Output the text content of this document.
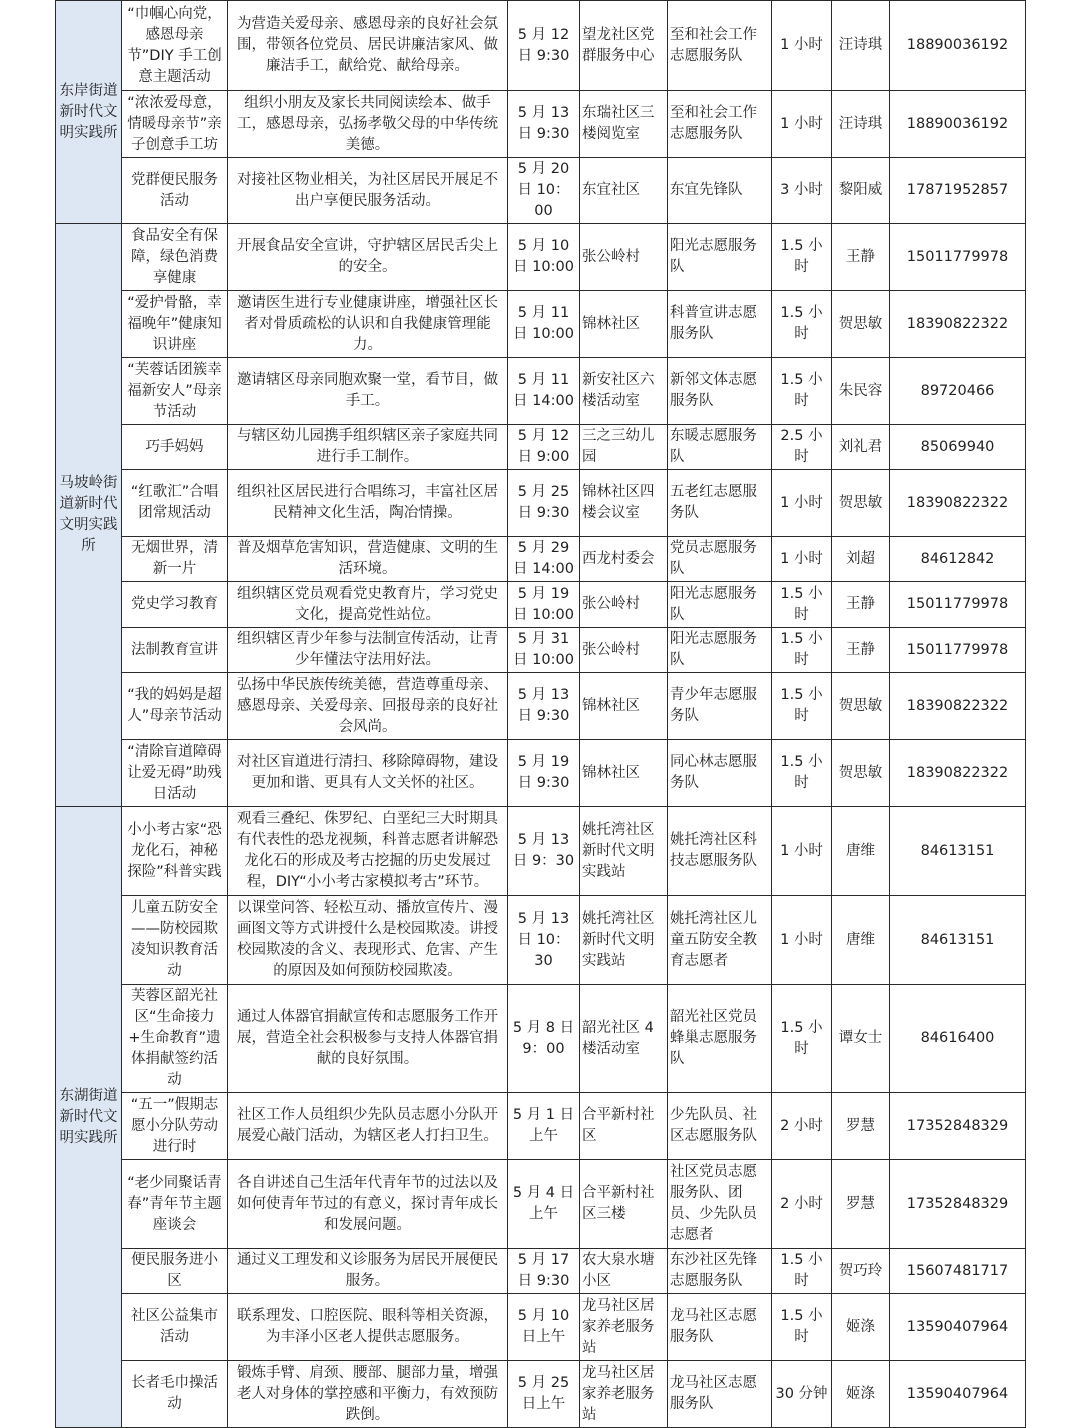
东岸街道新时代文明实践所	“巾帼心向党，感恩母亲节”DIY 手工创意主题活动	为营造关爱母亲、感恩母亲的良好社会氛围，带领各位党员、居民讲廉洁家风、做廉洁手工，献给党、献给母亲。	5 月 12 日 9:30	望龙社区党群服务中心	至和社会工作志愿服务队	1 小时	汪诗琪	18890036192
	“浓浓爱母意，情暖母亲节”亲子创意手工坊	组织小朋友及家长共同阅读绘本、做手工，感恩母亲，弘扬孝敬父母的中华传统美德。	5 月 13 日 9:30	东瑞社区三楼阅览室	至和社会工作志愿服务队	1 小时	汪诗琪	18890036192
	党群便民服务活动	对接社区物业相关，为社区居民开展足不出户享便民服务活动。	5 月 20 日 10：00	东宜社区	东宜先锋队	3 小时	黎阳威	17871952857
马坡岭街道新时代文明实践所	食品安全有保障，绿色消费享健康	开展食品安全宣讲，守护辖区居民舌尖上的安全。	5 月 10 日 10:00	张公岭村	阳光志愿服务队	1.5 小时	王静	15011779978
	“爱护骨骼，幸福晚年”健康知识讲座	邀请医生进行专业健康讲座，增强社区长者对骨质疏松的认识和自我健康管理能力。	5 月 11 日 10:00	锦林社区	科普宣讲志愿服务队	1.5 小时	贺思敏	18390822322
	“芙蓉话团簇幸福新安人”母亲节活动	邀请辖区母亲同胞欢聚一堂，看节目，做手工。	5 月 11 日 14:00	新安社区六楼活动室	新邻文体志愿服务队	1.5 小时	朱民容	89720466
	巧手妈妈	与辖区幼儿园携手组织辖区亲子家庭共同进行手工制作。	5 月 12 日 9:00	三之三幼儿园	东暖志愿服务队	2.5 小时	刘礼君	85069940
	“红歌汇”合唱团常规活动	组织社区居民进行合唱练习，丰富社区居民精神文化生活，陶冶情操。	5 月 25 日 9:30	锦林社区四楼会议室	五老红志愿服务队	1 小时	贺思敏	18390822322
	无烟世界，清新一片	普及烟草危害知识，营造健康、文明的生活环境。	5 月 29 日 14:00	西龙村委会	党员志愿服务队	1 小时	刘超	84612842
	党史学习教育	组织辖区党员观看党史教育片，学习党史文化，提高党性站位。	5 月 19 日 10:00	张公岭村	阳光志愿服务队	1.5 小时	王静	15011779978
	法制教育宣讲	组织辖区青少年参与法制宣传活动，让青少年懂法守法用好法。	5 月 31 日 10:00	张公岭村	阳光志愿服务队	1.5 小时	王静	15011779978
	“我的妈妈是超人”母亲节活动	弘扬中华民族传统美德，营造尊重母亲、感恩母亲、关爱母亲、回报母亲的良好社会风尚。	5 月 13 日 9:30	锦林社区	青少年志愿服务队	1.5 小时	贺思敏	18390822322
	“清除盲道障碍让爱无碍”助残日活动	对社区盲道进行清扫、移除障碍物，建设更加和谐、更具有人文关怀的社区。	5 月 19 日 9:30	锦林社区	同心林志愿服务队	1.5 小时	贺思敏	18390822322
东湖街道新时代文明实践所	小小考古家“恐龙化石，神秘探险”科普实践	观看三叠纪、侏罗纪、白垩纪三大时期具有代表性的恐龙视频，科普志愿者讲解恐龙化石的形成及考古挖掘的历史发展过程，DIY“小小考古家模拟考古”环节。	5 月 13 日 9：30	姚托湾社区新时代文明实践站	姚托湾社区科技志愿服务队	1 小时	唐维	84613151
	儿童五防安全——防校园欺凌知识教育活动	以课堂问答、轻松互动、播放宣传片、漫画图文等方式讲授什么是校园欺凌。讲授校园欺凌的含义、表现形式、危害、产生的原因及如何预防校园欺凌。	5 月 13 日 10：30	姚托湾社区新时代文明实践站	姚托湾社区儿童五防安全教育志愿者	1 小时	唐维	84613151
	芙蓉区韶光社区“生命接力+生命教育”遗体捐献签约活动	通过人体器官捐献宣传和志愿服务工作开展，营造全社会积极参与支持人体器官捐献的良好氛围。	5 月 8 日 9：00	韶光社区 4 楼活动室	韶光社区党员蜂巢志愿服务队	1.5 小时	谭女士	84616400
	“五一”假期志愿小分队劳动进行时	社区工作人员组织少先队员志愿小分队开展爱心敲门活动，为辖区老人打扫卫生。	5 月 1 日上午	合平新村社区	少先队员、社区志愿服务队	2 小时	罗慧	17352848329
	“老少同聚话青春”青年节主题座谈会	各自讲述自己生活年代青年节的过法以及如何使青年节过的有意义，探讨青年成长和发展问题。	5 月 4 日上午	合平新村社区三楼	社区党员志愿服务队、团员、少先队员志愿者	2 小时	罗慧	17352848329
	便民服务进小区	通过义工理发和义诊服务为居民开展便民服务。	5 月 17 日 9:30	农大泉水塘小区	东沙社区先锋志愿服务队	1.5 小时	贺巧玲	15607481717
	社区公益集市活动	联系理发、口腔医院、眼科等相关资源，为丰泽小区老人提供志愿服务。	5 月 10 日上午	龙马社区居家养老服务站	龙马社区志愿服务队	1.5 小时	姬涤	13590407964
	长者毛巾操活动	锻炼手臂、肩颈、腰部、腿部力量，增强老人对身体的掌控感和平衡力，有效预防跌倒。	5 月 25 日上午	龙马社区居家养老服务站	龙马社区志愿服务队	30 分钟	姬涤	13590407964
